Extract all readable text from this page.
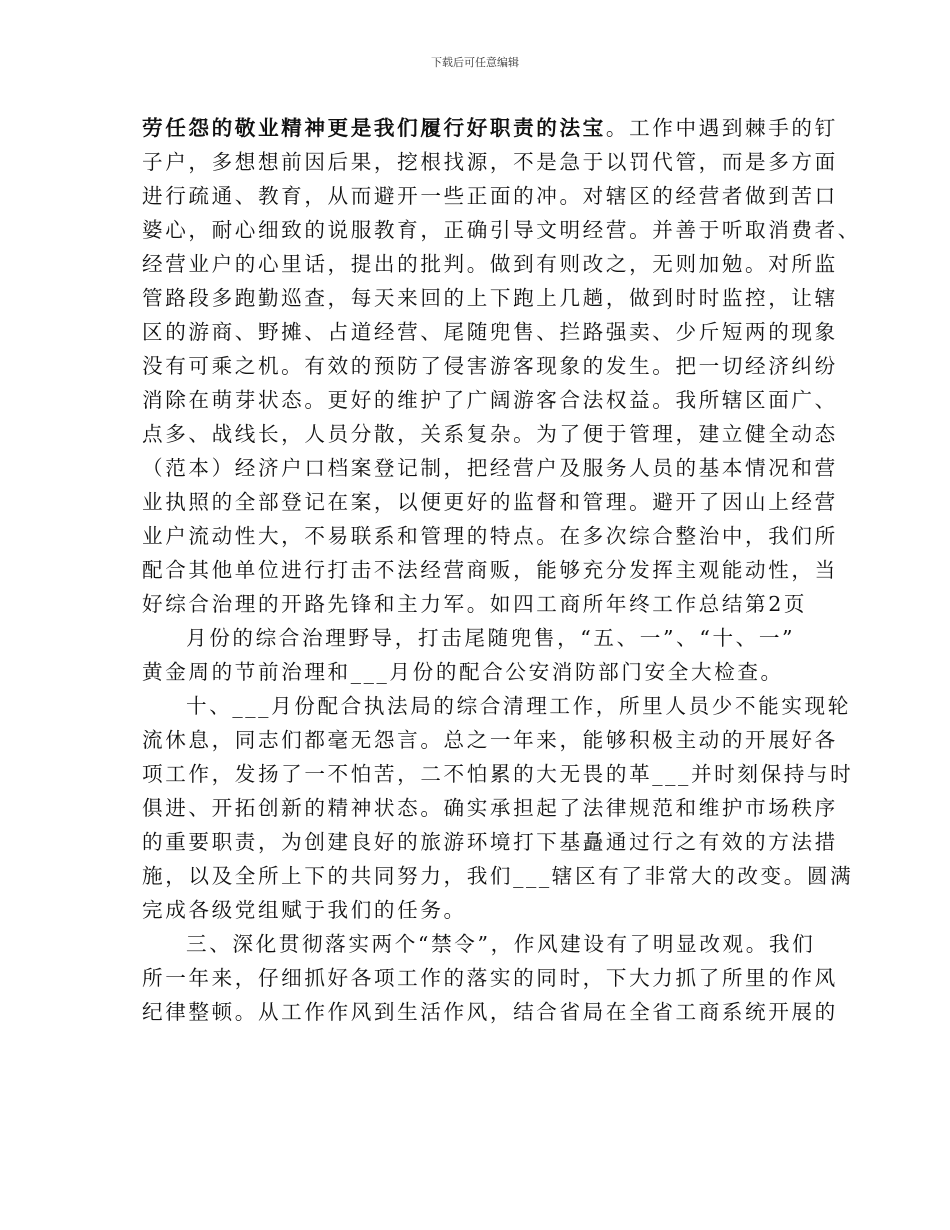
下载后可任意编辑
劳任怨的敬业精神更是我们履行好职责的法宝。工作中遇到棘手的钉
子户，多想想前因后果，挖根找源，不是急于以罚代管，而是多方面
进行疏通、教育，从而避开一些正面的冲。对辖区的经营者做到苦口
婆心，耐心细致的说服教育，正确引导文明经营。并善于听取消费者、
经营业户的心里话，提出的批判。做到有则改之，无则加勉。对所监
管路段多跑勤巡查，每天来回的上下跑上几趟，做到时时监控，让辖
区的游商、野摊、占道经营、尾随兜售、拦路强卖、少斤短两的现象
没有可乘之机。有效的预防了侵害游客现象的发生。把一切经济纠纷
消除在萌芽状态。更好的维护了广阔游客合法权益。我所辖区面广、
点多、战线长，人员分散，关系复杂。为了便于管理，建立健全动态
（范本）经济户口档案登记制，把经营户及服务人员的基本情况和营
业执照的全部登记在案，以便更好的监督和管理。避开了因山上经营
业户流动性大，不易联系和管理的特点。在多次综合整治中，我们所
配合其他单位进行打击不法经营商贩，能够充分发挥主观能动性，当
好综合治理的开路先锋和主力军。如四工商所年终工作总结第2页
月份的综合治理野导，打击尾随兜售，“五、一”、“十、一”
黄金周的节前治理和___月份的配合公安消防部门安全大检查。
十、___月份配合执法局的综合清理工作，所里人员少不能实现轮
流休息，同志们都毫无怨言。总之一年来，能够积极主动的开展好各
项工作，发扬了一不怕苦，二不怕累的大无畏的革___并时刻保持与时
俱进、开拓创新的精神状态。确实承担起了法律规范和维护市场秩序
的重要职责，为创建良好的旅游环境打下基矗通过行之有效的方法措
施，以及全所上下的共同努力，我们___辖区有了非常大的改变。圆满
完成各级党组赋于我们的任务。
三、深化贯彻落实两个“禁令”，作风建设有了明显改观。我们
所一年来，仔细抓好各项工作的落实的同时，下大力抓了所里的作风
纪律整顿。从工作作风到生活作风，结合省局在全省工商系统开展的
